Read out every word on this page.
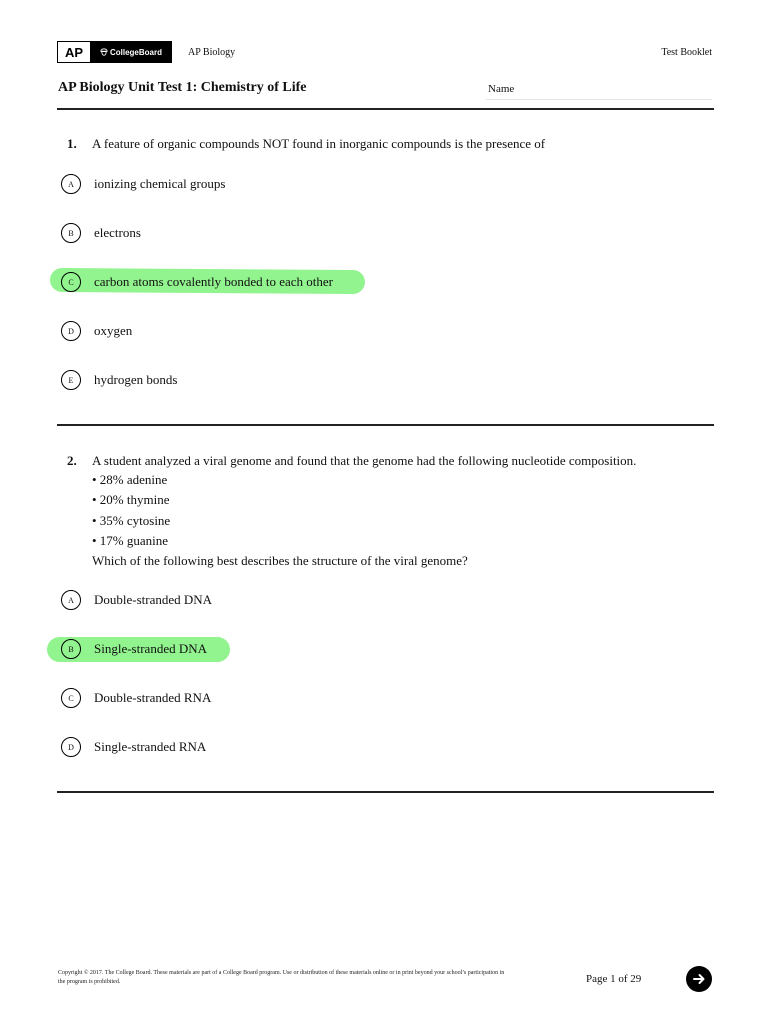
AP	CollegeBoard	AP Biology	Test Booklet
AP Biology Unit Test 1: Chemistry of Life	Name
1. A feature of organic compounds NOT found in inorganic compounds is the presence of
A	ionizing chemical groups
B	electrons
C	carbon atoms covalently bonded to each other
D	oxygen
E	hydrogen bonds
2. A student analyzed a viral genome and found that the genome had the following nucleotide composition.
• 28% adenine
• 20% thymine
• 35% cytosine
• 17% guanine
Which of the following best describes the structure of the viral genome?
A	Double-stranded DNA
B	Single-stranded DNA
C	Double-stranded RNA
D	Single-stranded RNA
Copyright © 2017. The College Board. These materials are part of a College Board program. Use or distribution of these materials online or in print beyond your school’s participation in the program is prohibited.	Page 1 of 29
